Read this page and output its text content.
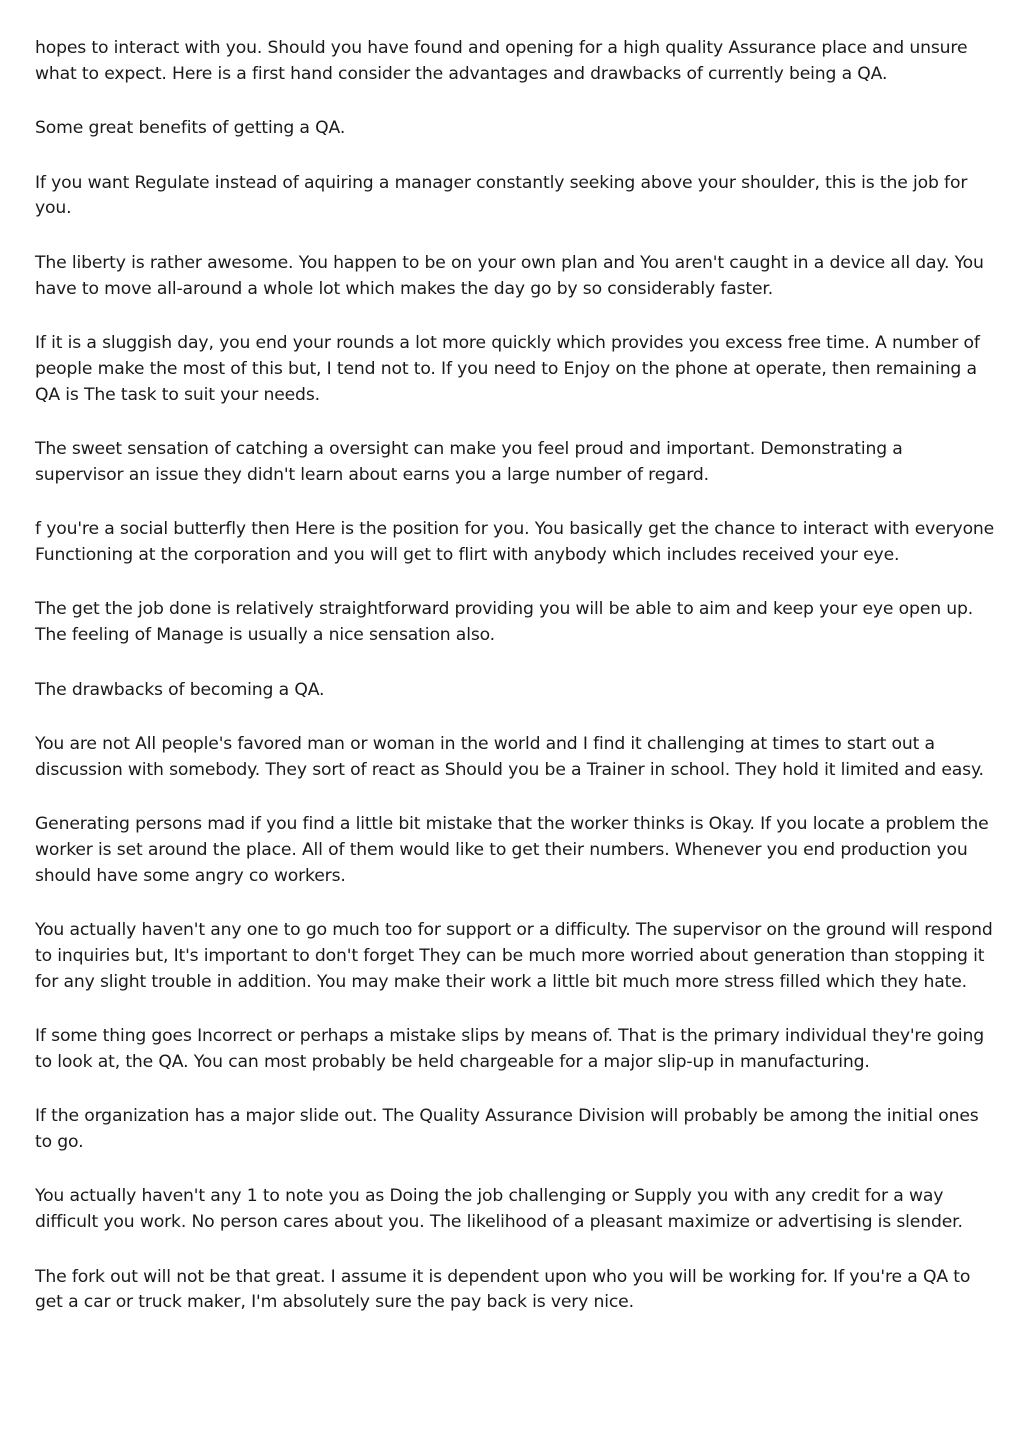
hopes to interact with you. Should you have found and opening for a high quality Assurance place and unsure what to expect. Here is a first hand consider the advantages and drawbacks of currently being a QA.

Some great benefits of getting a QA.

If you want Regulate instead of aquiring a manager constantly seeking above your shoulder, this is the job for you.

The liberty is rather awesome. You happen to be on your own plan and You aren't caught in a device all day. You have to move all-around a whole lot which makes the day go by so considerably faster.

If it is a sluggish day, you end your rounds a lot more quickly which provides you excess free time. A number of people make the most of this but, I tend not to. If you need to Enjoy on the phone at operate, then remaining a QA is The task to suit your needs.

The sweet sensation of catching a oversight can make you feel proud and important. Demonstrating a supervisor an issue they didn't learn about earns you a large number of regard.

f you're a social butterfly then Here is the position for you. You basically get the chance to interact with everyone Functioning at the corporation and you will get to flirt with anybody which includes received your eye.

The get the job done is relatively straightforward providing you will be able to aim and keep your eye open up. The feeling of Manage is usually a nice sensation also.

The drawbacks of becoming a QA.

You are not All people's favored man or woman in the world and I find it challenging at times to start out a discussion with somebody. They sort of react as Should you be a Trainer in school. They hold it limited and easy.

Generating persons mad if you find a little bit mistake that the worker thinks is Okay. If you locate a problem the worker is set around the place. All of them would like to get their numbers. Whenever you end production you should have some angry co workers.

You actually haven't any one to go much too for support or a difficulty. The supervisor on the ground will respond to inquiries but, It's important to don't forget They can be much more worried about generation than stopping it for any slight trouble in addition. You may make their work a little bit much more stress filled which they hate.

If some thing goes Incorrect or perhaps a mistake slips by means of. That is the primary individual they're going to look at, the QA. You can most probably be held chargeable for a major slip-up in manufacturing.

If the organization has a major slide out. The Quality Assurance Division will probably be among the initial ones to go.

You actually haven't any 1 to note you as Doing the job challenging or Supply you with any credit for a way difficult you work. No person cares about you. The likelihood of a pleasant maximize or advertising is slender.

The fork out will not be that great. I assume it is dependent upon who you will be working for. If you're a QA to get a car or truck maker, I'm absolutely sure the pay back is very nice.
